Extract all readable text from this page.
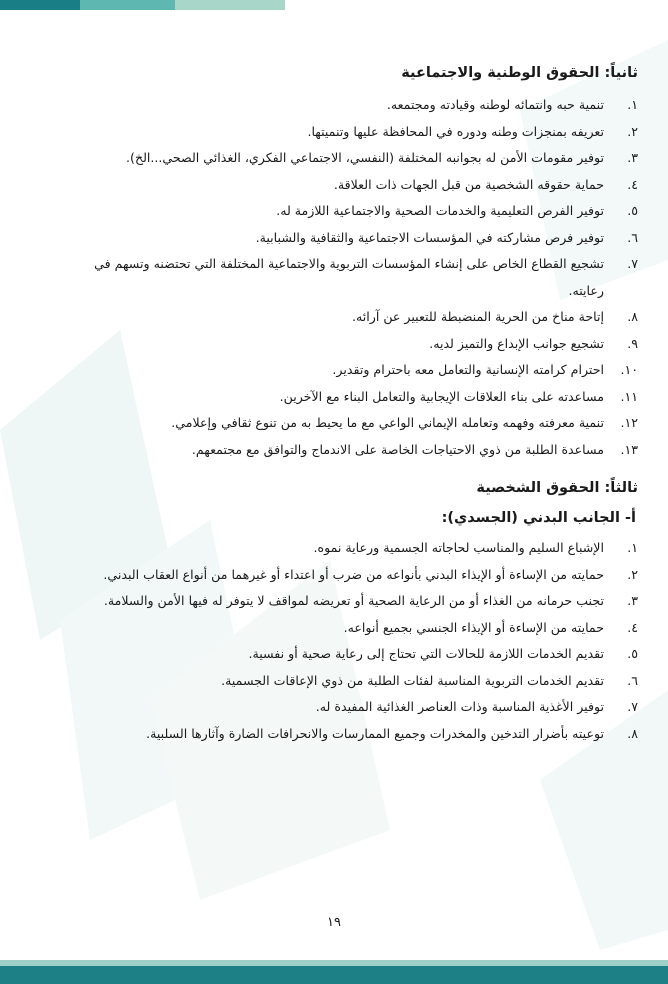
ثانياً: الحقوق الوطنية والاجتماعية
١.
تنمية حبه وانتمائه لوطنه وقيادته ومجتمعه.
٢.
تعريفه بمنجزات وطنه ودوره في المحافظة عليها وتنميتها.
٣.
توفير مقومات الأمن له بجوانبه المختلفة (النفسي، الاجتماعي الفكري، الغذائي الصحي...الخ).
٤.
حماية حقوقه الشخصية من قبل الجهات ذات العلاقة.
٥.
توفير الفرص التعليمية والخدمات الصحية والاجتماعية اللازمة له.
٦.
توفير فرص مشاركته في المؤسسات الاجتماعية والثقافية والشبابية.
٧.
تشجيع القطاع الخاص على إنشاء المؤسسات التربوية والاجتماعية المختلفة التي تحتضنه وتسهم في رعايته.
٨.
إتاحة مناخ من الحرية المنضبطة للتعبير عن آرائه.
٩.
تشجيع جوانب الإبداع والتميز لديه.
١٠.
احترام كرامته الإنسانية والتعامل معه باحترام وتقدير.
١١.
مساعدته على بناء العلاقات الإيجابية والتعامل البناء مع الآخرين.
١٢.
تنمية معرفته وفهمه وتعامله الإيماني الواعي مع ما يحيط به من تنوع ثقافي وإعلامي.
١٣.
مساعدة الطلبة من ذوي الاحتياجات الخاصة على الاندماج والتوافق مع مجتمعهم.
ثالثاً: الحقوق الشخصية
أ- الجانب البدني (الجسدي):
١.
الإشباع السليم والمناسب لحاجاته الجسمية ورعاية نموه.
٢.
حمايته من الإساءة أو الإيذاء البدني بأنواعه من ضرب أو اعتداء أو غيرهما من أنواع العقاب البدني.
٣.
تجنب حرمانه من الغذاء أو من الرعاية الصحية أو تعريضه لمواقف لا يتوفر له فيها الأمن والسلامة.
٤.
حمايته من الإساءة أو الإيذاء الجنسي بجميع أنواعه.
٥.
تقديم الخدمات اللازمة للحالات التي تحتاج إلى رعاية صحية أو نفسية.
٦.
تقديم الخدمات التربوية المناسبة لفئات الطلبة من ذوي الإعاقات الجسمية.
٧.
توفير الأغذية المناسبة وذات العناصر الغذائية المفيدة له.
٨.
توعيته بأضرار التدخين والمخدرات وجميع الممارسات والانحرافات الضارة وآثارها السلبية.
١٩
